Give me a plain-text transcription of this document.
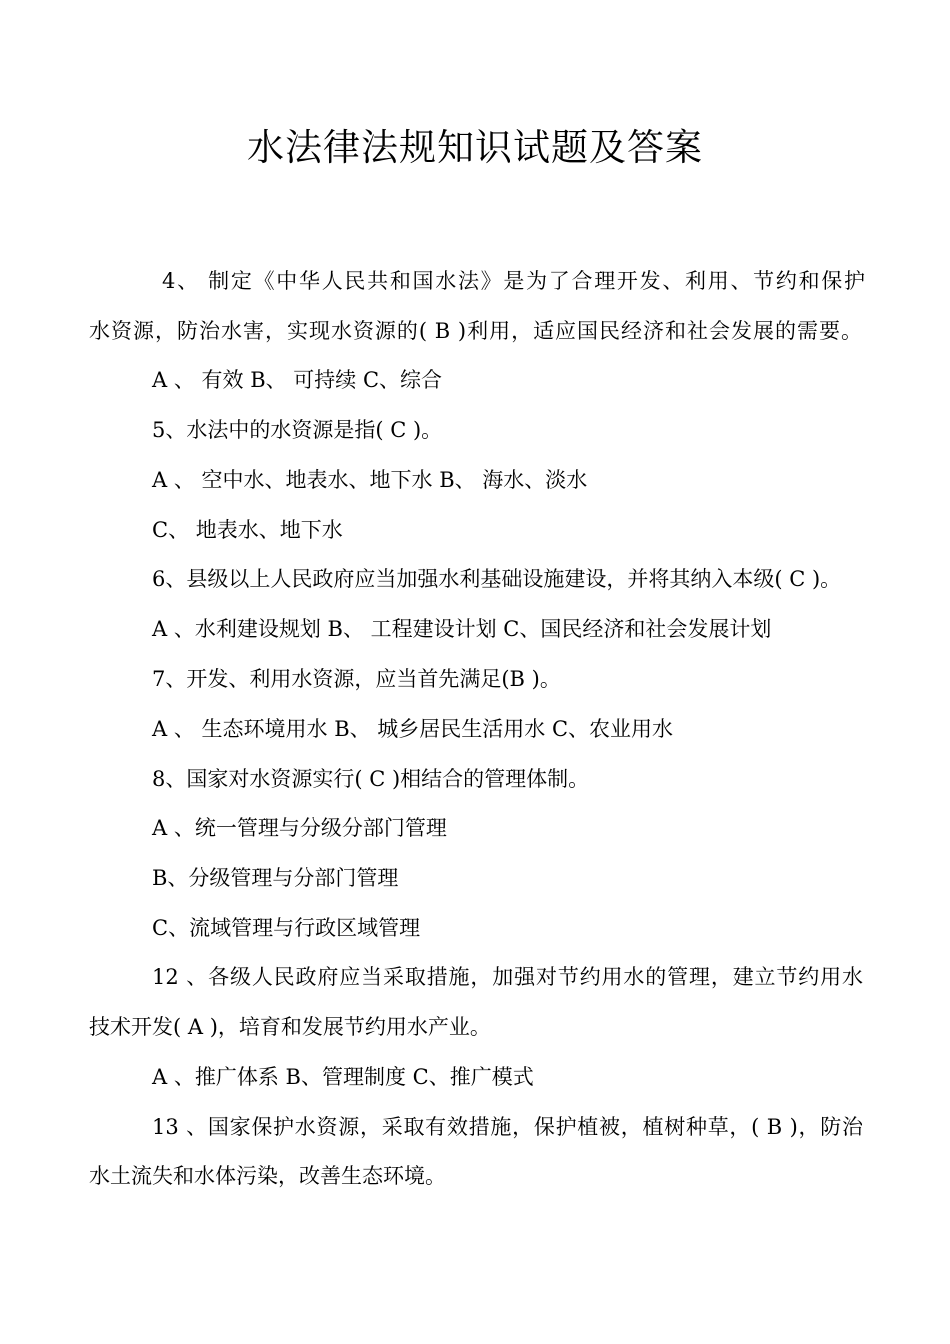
水法律法规知识试题及答案

4、 制定《中华人民共和国水法》是为了合理开发、利用、节约和保护

水资源，防治水害，实现水资源的( B )利用，适应国民经济和社会发展的需要。

A 、 有效 B、 可持续 C、综合

5、水法中的水资源是指( C )。

A 、 空中水、地表水、地下水 B、 海水、淡水

C、 地表水、地下水

6、县级以上人民政府应当加强水利基础设施建设，并将其纳入本级( C )。

A 、水利建设规划 B、 工程建设计划 C、国民经济和社会发展计划

7、开发、利用水资源，应当首先满足(B )。

A 、 生态环境用水 B、 城乡居民生活用水 C、农业用水

8、国家对水资源实行( C )相结合的管理体制。

A 、统一管理与分级分部门管理

B、分级管理与分部门管理

C、流域管理与行政区域管理

12 、各级人民政府应当采取措施，加强对节约用水的管理，建立节约用水

技术开发( A )，培育和发展节约用水产业。

A 、推广体系 B、管理制度 C、推广模式

13 、国家保护水资源，采取有效措施，保护植被，植树种草，( B )，防治

水土流失和水体污染，改善生态环境。
